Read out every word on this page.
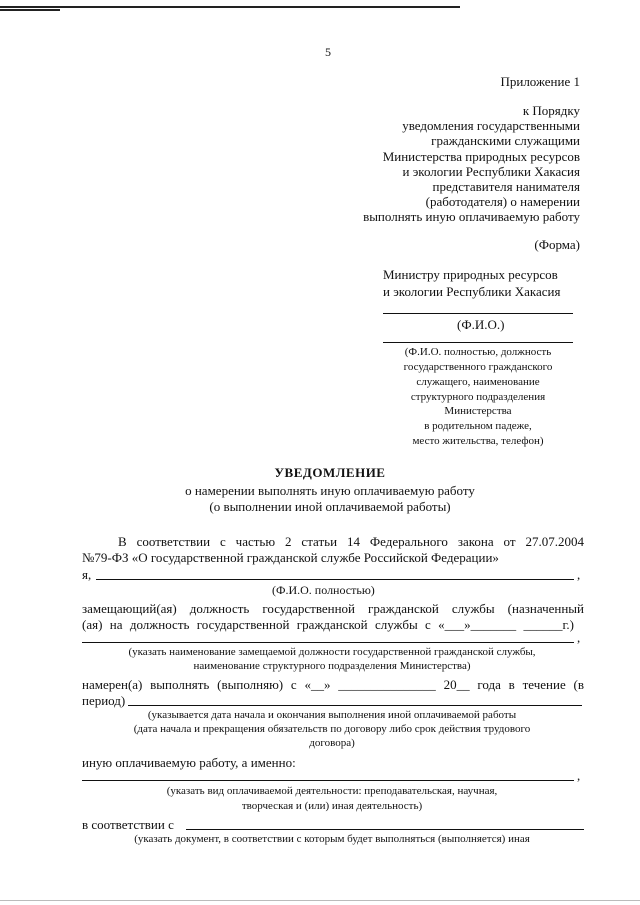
5
Приложение 1
к Порядку
уведомления государственными
гражданскими служащими
Министерства природных ресурсов
и экологии Республики Хакасия
представителя нанимателя
(работодателя) о намерении
выполнять иную оплачиваемую работу
(Форма)
Министру природных ресурсов
и экологии Республики Хакасия
(Ф.И.О.)
(Ф.И.О. полностью, должность
государственного гражданского
служащего, наименование
структурного подразделения
Министерства
в родительном падеже,
место жительства, телефон)
УВЕДОМЛЕНИЕ
о намерении выполнять иную оплачиваемую работу
(о выполнении иной оплачиваемой работы)
В соответствии с частью 2 статьи 14 Федерального закона от 27.07.2004
№79-ФЗ «О государственной гражданской службе Российской Федерации»
я,	,
(Ф.И.О. полностью)
замещающий(ая) должность государственной гражданской службы (назначенный
(ая) на должность государственной гражданской службы с «___»_______ ______г.)
,
(указать наименование замещаемой должности государственной гражданской службы,
наименование структурного подразделения Министерства)
намерен(а) выполнять (выполняю) с «__» _______________ 20__ года в течение (в
период)
(указывается дата начала и окончания выполнения иной оплачиваемой работы
(дата начала и прекращения обязательств по договору либо срок действия трудового
договора)
иную оплачиваемую работу, а именно:
,
(указать вид оплачиваемой деятельности: преподавательская, научная,
творческая и (или) иная деятельность)
в соответствии с
(указать документ, в соответствии с которым будет выполняться (выполняется) иная
